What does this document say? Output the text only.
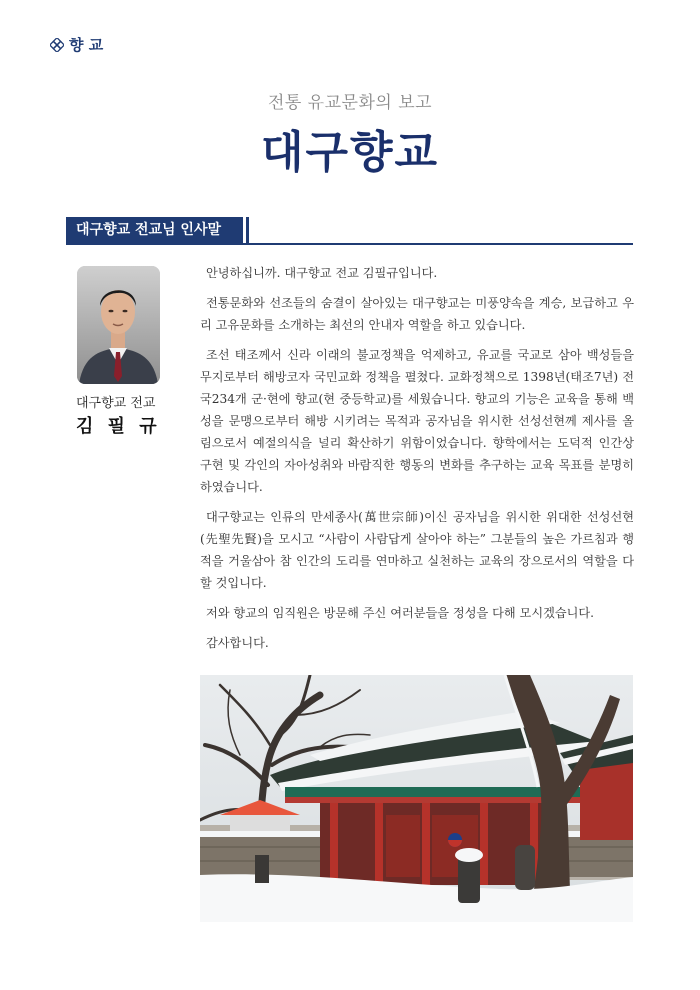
향 교
전통 유교문화의 보고
대구향교
대구향교 전교님 인사말
대구향교 전교
김 필 규

안녕하십니까. 대구향교 전교 김필규입니다.

전통문화와 선조들의 숨결이 살아있는 대구향교는 미풍양속을 계승, 보급하고 우리 고유문화를 소개하는 최선의 안내자 역할을 하고 있습니다.

조선 태조께서 신라 이래의 불교정책을 억제하고, 유교를 국교로 삼아 백성들을 무지로부터 해방코자 국민교화 정책을 펼쳤다. 교화정책으로 1398년(태조7년) 전국234개 군·현에 향교(현 중등학교)를 세웠습니다. 향교의 기능은 교육을 통해 백성을 문맹으로부터 해방 시키려는 목적과 공자님을 위시한 선성선현께 제사를 올림으로서 예절의식을 널리 확산하기 위함이었습니다. 향학에서는 도덕적 인간상 구현 및 각인의 자아성취와 바람직한 행동의 변화를 추구하는 교육 목표를 분명히 하였습니다.

대구향교는 인류의 만세종사(萬世宗師)이신 공자님을 위시한 위대한 선성선현(先聖先賢)을 모시고 “사람이 사람답게 살아야 하는” 그분들의 높은 가르침과 행적을 거울삼아 참 인간의 도리를 연마하고 실천하는 교육의 장으로서의 역할을 다 할 것입니다.

저와 향교의 임직원은 방문해 주신 여러분들을 정성을 다해 모시겠습니다.

감사합니다.
